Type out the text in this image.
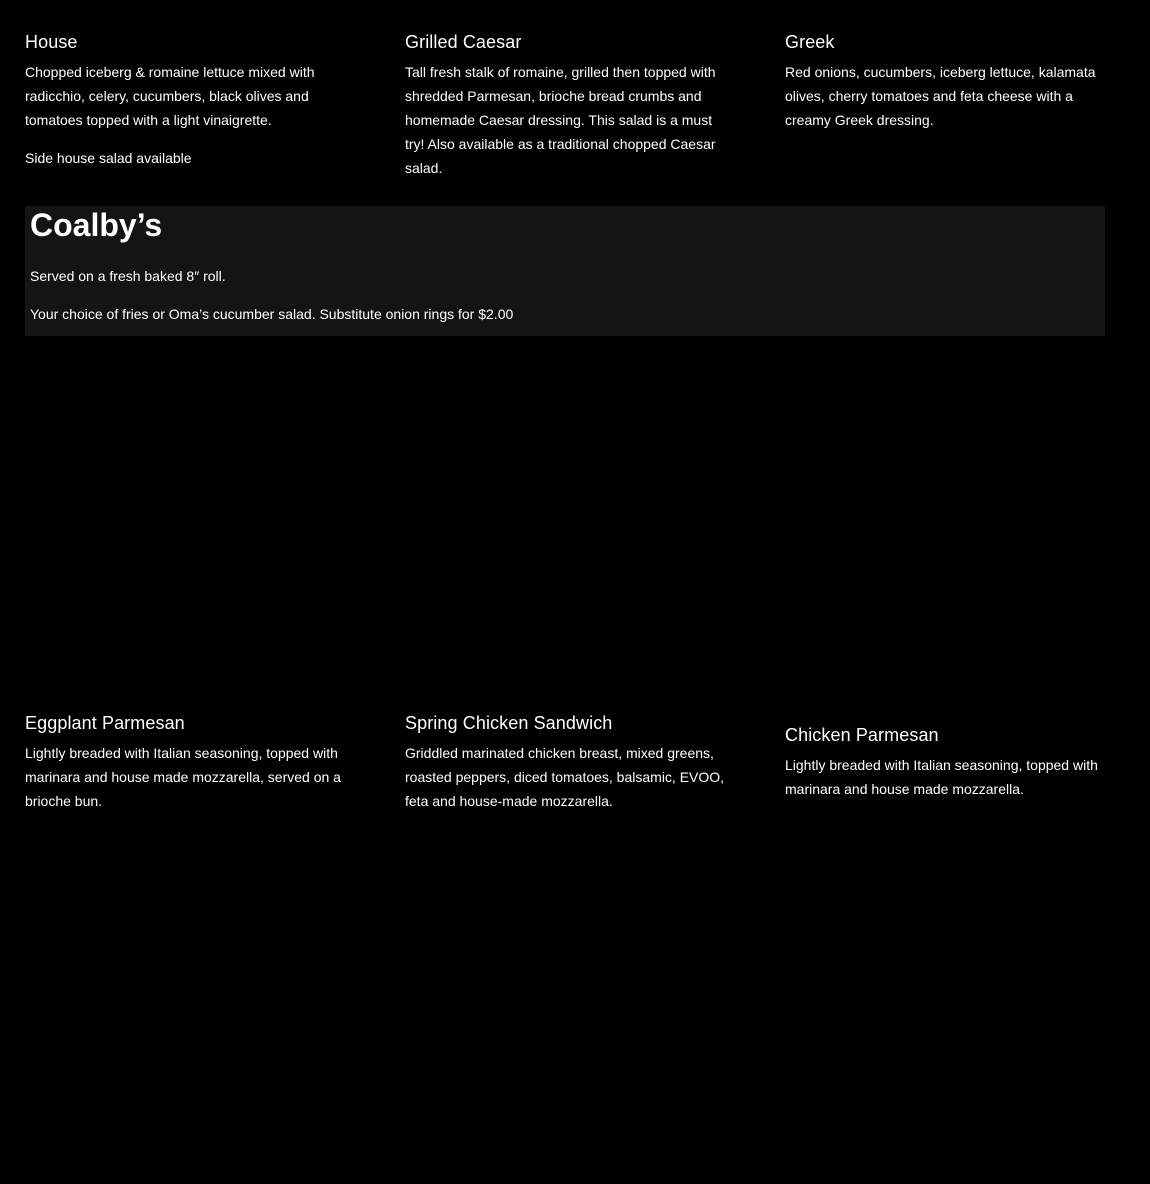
House

Chopped iceberg & romaine lettuce mixed with radicchio, celery, cucumbers, black olives and tomatoes topped with a light vinaigrette.

Side house salad available

Grilled Caesar

Tall fresh stalk of romaine, grilled then topped with shredded Parmesan, brioche bread crumbs and homemade Caesar dressing. This salad is a must try! Also available as a traditional chopped Caesar salad.

Greek

Red onions, cucumbers, iceberg lettuce, kalamata olives, cherry tomatoes and feta cheese with a creamy Greek dressing.

Coalby’s

Served on a fresh baked 8″ roll.

Your choice of fries or Oma’s cucumber salad. Substitute onion rings for $2.00

Eggplant Parmesan

Lightly breaded with Italian seasoning, topped with marinara and house made mozzarella, served on a brioche bun.

Spring Chicken Sandwich

Griddled marinated chicken breast, mixed greens, roasted peppers, diced tomatoes, balsamic, EVOO, feta and house-made mozzarella.

Chicken Parmesan

Lightly breaded with Italian seasoning, topped with marinara and house made mozzarella.
